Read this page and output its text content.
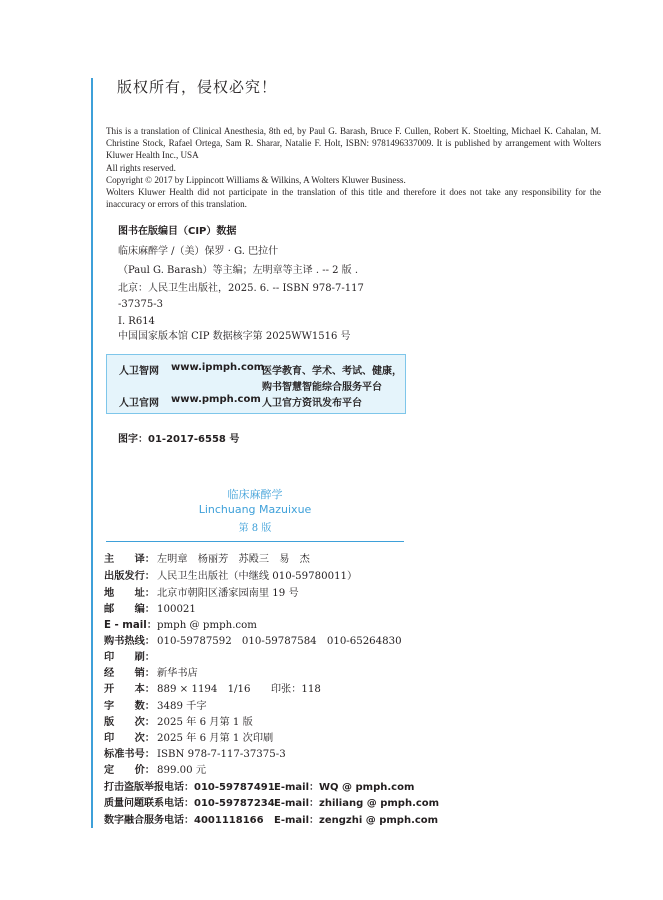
版权所有，侵权必究！

This is a translation of Clinical Anesthesia, 8th ed, by Paul G. Barash, Bruce F. Cullen, Robert K. Stoelting, Michael K. Cahalan, M. Christine Stock, Rafael Ortega, Sam R. Sharar, Natalie F. Holt, ISBN: 9781496337009. It is published by arrangement with Wolters Kluwer Health Inc., USA

All rights reserved.

Copyright © 2017 by Lippincott Williams & Wilkins, A Wolters Kluwer Business.

Wolters Kluwer Health did not participate in the translation of this title and therefore it does not take any responsibility for the inaccuracy or errors of this translation.

图书在版编目（CIP）数据
临床麻醉学 /（美）保罗 · G. 巴拉什
（Paul G. Barash）等主编；左明章等主译 . -- 2 版 .
北京：人民卫生出版社，2025. 6. -- ISBN 978-7-117
-37375-3
Ⅰ. R614
中国国家版本馆 CIP 数据核字第 2025WW1516 号
人卫智网 www.ipmph.com
医学教育、学术、考试、健康，
购书智慧智能综合服务平台
人卫官网 www.pmph.com 人卫官方资讯发布平台
图字：01-2017-6558 号
临床麻醉学
Linchuang Mazuixue
第 8 版
主　　译： 左明章　杨丽芳　苏殿三　易　杰
出版发行： 人民卫生出版社（中继线 010-59780011）
地　　址： 北京市朝阳区潘家园南里 19 号
邮　　编： 100021
E - mail：pmph @ pmph.com
购书热线： 010-59787592　010-59787584　010-65264830
印　　刷：
经　　销： 新华书店
开　　本： 889 × 1194　1/16　　印张：118
字　　数： 3489 千字
版　　次： 2025 年 6 月第 1 版
印　　次： 2025 年 6 月第 1 次印刷
标准书号： ISBN 978-7-117-37375-3
定　　价： 899.00 元
打击盗版举报电话：010-59787491 E-mail：WQ @ pmph.com
质量问题联系电话：010-59787234 E-mail：zhiliang @ pmph.com
数字融合服务电话：4001118166 E-mail：zengzhi @ pmph.com
